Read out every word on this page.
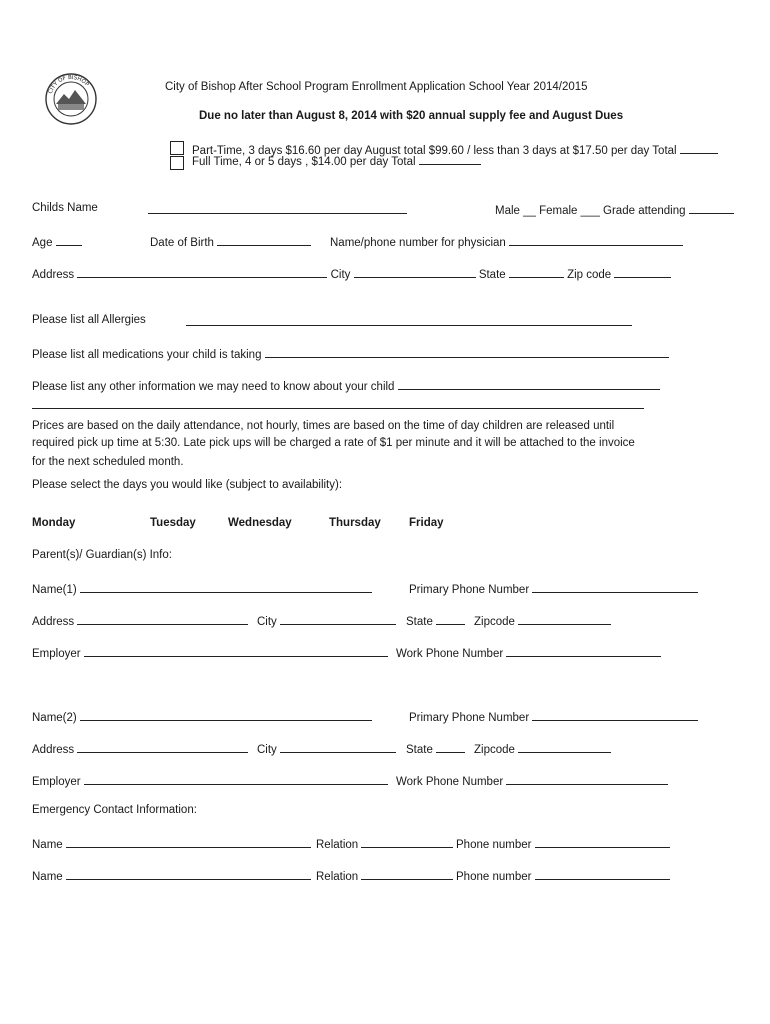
CITY OF BISHOP	City of Bishop After School Program Enrollment Application School Year 2014/2015
Due no later than August 8, 2014 with $20 annual supply fee and August Dues
Part-Time, 3 days $16.60 per day August total $99.60 / less than 3 days at $17.50 per day Total
Full Time, 4 or 5 days , $14.00 per day Total
Childs Name	Male __ Female ___ Grade attending
Age	Date of Birth	Name/phone number for physician
Address	City	State	Zip code
Please list all Allergies
Please list all medications your child is taking
Please list any other information we may need to know about your child
Prices are based on the daily attendance, not hourly, times are based on the time of day children are released until
required pick up time at 5:30. Late pick ups will be charged a rate of $1 per minute and it will be attached to the invoice
for the next scheduled month.
Please select the days you would like (subject to availability):
Monday	Tuesday	Wednesday	Thursday Friday
Parent(s)/ Guardian(s) Info:
Name(1)	Primary Phone Number
Address	City	State	Zipcode
Employer	Work Phone Number
Name(2)	Primary Phone Number
Address	City	State	Zipcode
Employer	Work Phone Number
Emergency Contact Information:
Name	Relation	Phone number
Name	Relation	Phone number
